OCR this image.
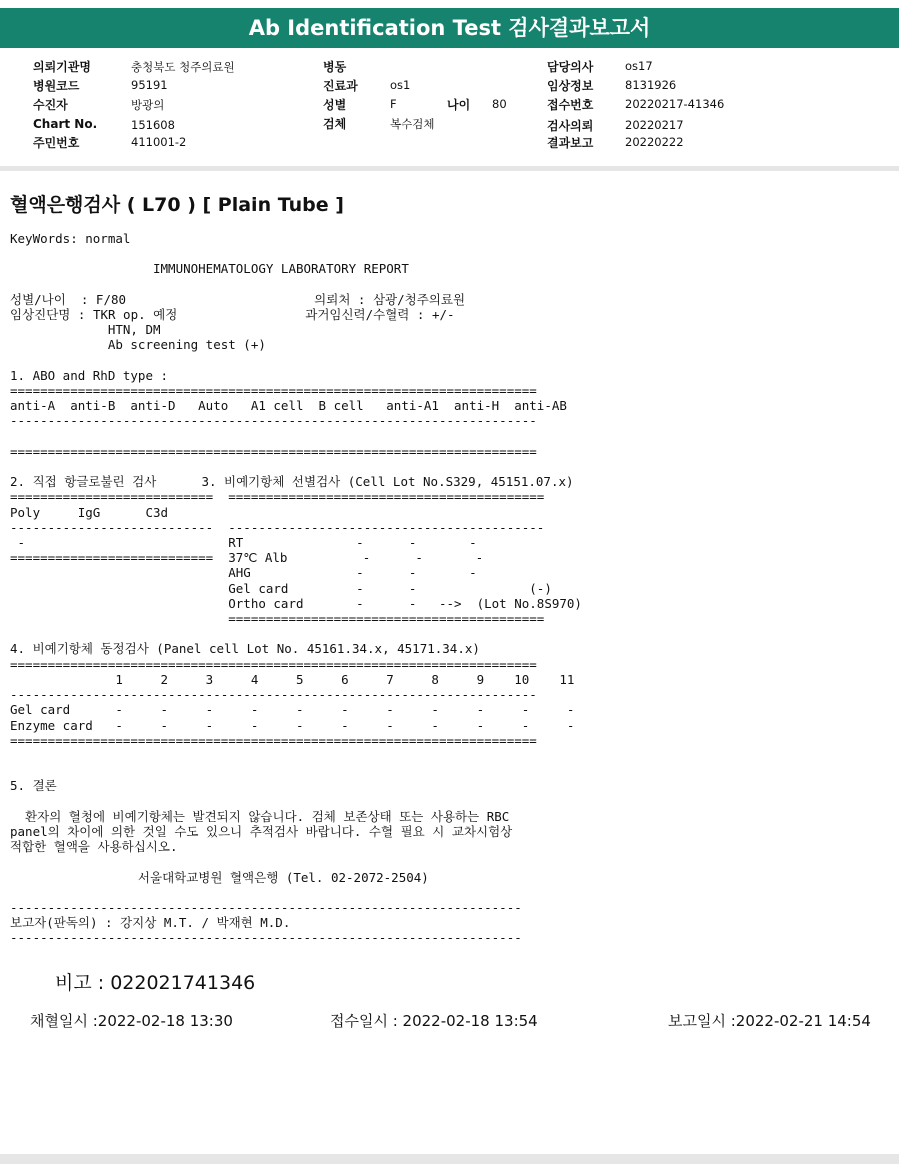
Ab Identification Test 검사결과보고서
의뢰기관명	충청북도 청주의료원
병원코드	95191
수진자	방광의
Chart No.	151608
주민번호	411001-2
병동
진료과	os1
성별	F	나이 80
검체	복수검체
담당의사	os17
임상정보	8131926
접수번호	20220217-41346
검사의뢰	20220217
결과보고	20220222
혈액은행검사 ( L70 ) [ Plain Tube ]
KeyWords: normal

IMMUNOHEMATOLOGY LABORATORY REPORT

성별/나이  : F/80                         의뢰처 : 삼광/청주의료원
임상진단명 : TKR op. 예정                 과거임신력/수혈력 : +/-
HTN, DM
Ab screening test (+)

1. ABO and RhD type :
======================================================================
anti-A  anti-B  anti-D   Auto   A1 cell  B cell   anti-A1  anti-H  anti-AB
----------------------------------------------------------------------

======================================================================

2. 직접 항글로불린 검사      3. 비예기항체 선별검사 (Cell Lot No.S329, 45151.07.x)
===========================  ==========================================
Poly     IgG      C3d
---------------------------  ------------------------------------------
-                           RT               -      -       -
===========================  37℃ Alb          -      -       -
AHG              -      -       -
Gel card         -      -               (-)
Ortho card       -      -   -->  (Lot No.8S970)
==========================================

4. 비예기항체 동정검사 (Panel cell Lot No. 45161.34.x, 45171.34.x)
======================================================================
1     2     3     4     5     6     7     8     9    10    11
----------------------------------------------------------------------
Gel card      -     -     -     -     -     -     -     -     -     -     -
Enzyme card   -     -     -     -     -     -     -     -     -     -     -
======================================================================

5. 결론

환자의 혈청에 비예기항체는 발견되지 않습니다. 검체 보존상태 또는 사용하는 RBC
panel의 차이에 의한 것일 수도 있으니 추적검사 바랍니다. 수혈 필요 시 교차시험상
적합한 혈액을 사용하십시오.

서울대학교병원 혈액은행 (Tel. 02-2072-2504)

--------------------------------------------------------------------
보고자(판독의) : 강지상 M.T. / 박재현 M.D.
--------------------------------------------------------------------
비고 : 022021741346
채혈일시 :2022-02-18 13:30	접수일시 : 2022-02-18 13:54	보고일시 :2022-02-21 14:54
